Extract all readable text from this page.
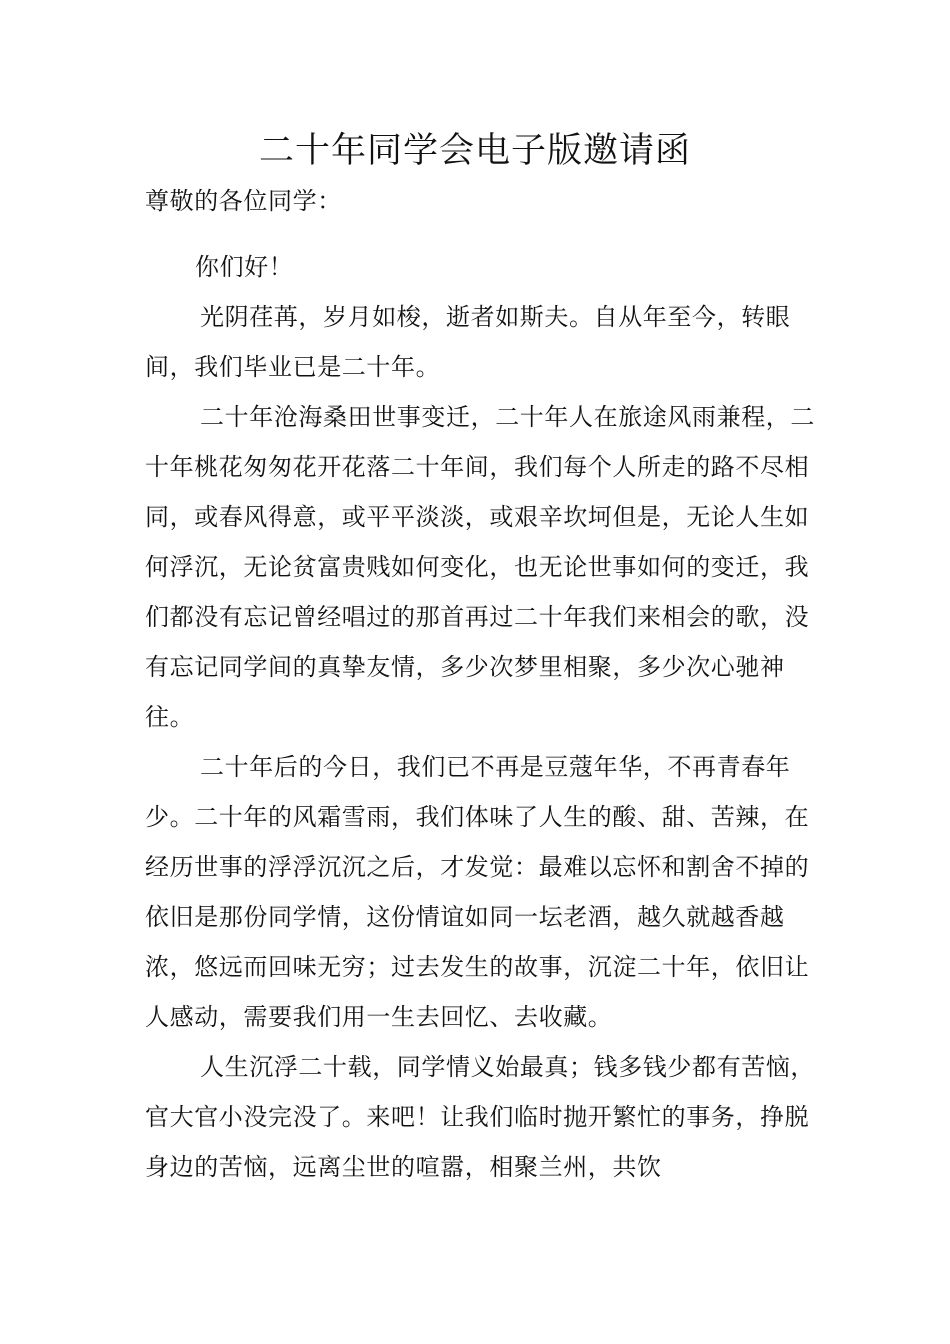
二十年同学会电子版邀请函

尊敬的各位同学：

你们好！

光阴荏苒，岁月如梭，逝者如斯夫。自从年至今，转眼间，我们毕业已是二十年。

二十年沧海桑田世事变迁，二十年人在旅途风雨兼程，二十年桃花匆匆花开花落二十年间，我们每个人所走的路不尽相同，或春风得意，或平平淡淡，或艰辛坎坷但是，无论人生如何浮沉，无论贫富贵贱如何变化，也无论世事如何的变迁，我们都没有忘记曾经唱过的那首再过二十年我们来相会的歌，没有忘记同学间的真挚友情，多少次梦里相聚，多少次心驰神往。

二十年后的今日，我们已不再是豆蔻年华，不再青春年少。二十年的风霜雪雨，我们体味了人生的酸、甜、苦辣，在经历世事的浮浮沉沉之后，才发觉：最难以忘怀和割舍不掉的依旧是那份同学情，这份情谊如同一坛老酒，越久就越香越浓，悠远而回味无穷；过去发生的故事，沉淀二十年，依旧让人感动，需要我们用一生去回忆、去收藏。

人生沉浮二十载，同学情义始最真；钱多钱少都有苦恼，官大官小没完没了。来吧！让我们临时抛开繁忙的事务，挣脱身边的苦恼，远离尘世的喧嚣，相聚兰州，共饮
